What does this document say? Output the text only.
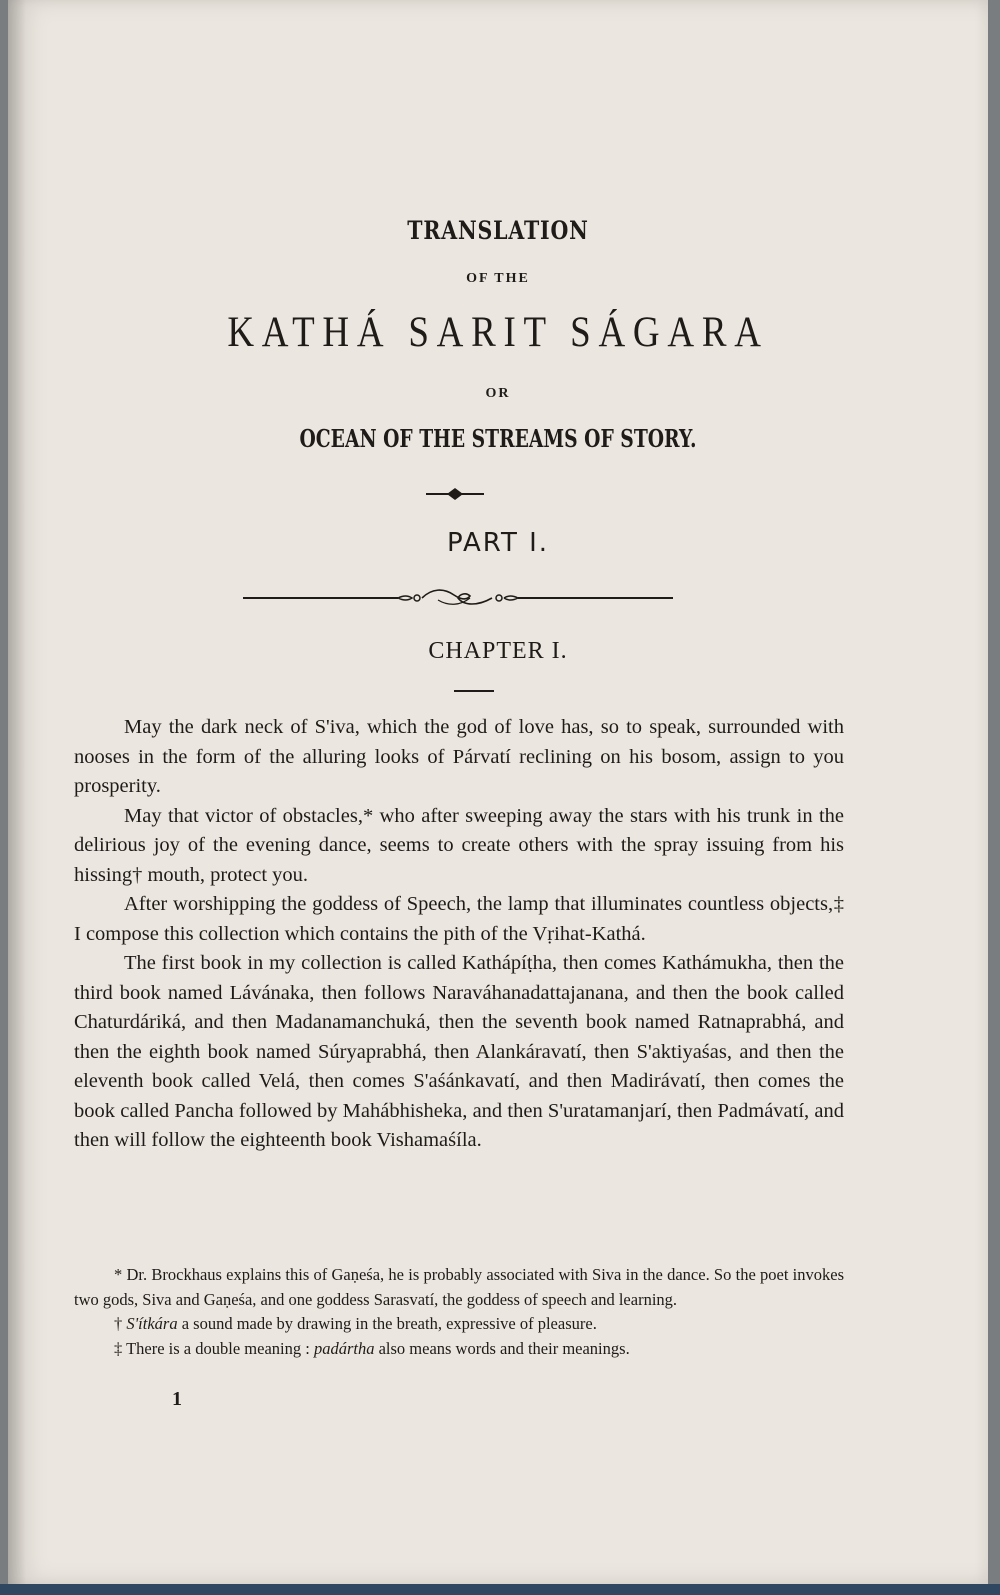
TRANSLATION
OF THE
KATHÁ SARIT SÁGARA
OR
OCEAN OF THE STREAMS OF STORY.
PART I.
CHAPTER I.

May the dark neck of S'iva, which the god of love has, so to speak, surrounded with nooses in the form of the alluring looks of Párvatí reclining on his bosom, assign to you prosperity.

May that victor of obstacles,* who after sweeping away the stars with his trunk in the delirious joy of the evening dance, seems to create others with the spray issuing from his hissing† mouth, protect you.

After worshipping the goddess of Speech, the lamp that illuminates countless objects,‡ I compose this collection which contains the pith of the Vṛihat-Kathá.

The first book in my collection is called Kathápíṭha, then comes Kathámukha, then the third book named Lávánaka, then follows Naraváhanadattajanana, and then the book called Chaturdáriká, and then Madanamanchuká, then the seventh book named Ratnaprabhá, and then the eighth book named Súryaprabhá, then Alankáravatí, then S'aktiyaśas, and then the eleventh book called Velá, then comes S'aśánkavatí, and then Madirávatí, then comes the book called Pancha followed by Mahábhisheka, and then S'uratamanjarí, then Padmávatí, and then will follow the eighteenth book Vishamaśíla.

* Dr. Brockhaus explains this of Gaṇeśa, he is probably associated with Siva in the dance. So the poet invokes two gods, Siva and Gaṇeśa, and one goddess Sarasvatí, the goddess of speech and learning.

† S'ítkára a sound made by drawing in the breath, expressive of pleasure.

‡ There is a double meaning : padártha also means words and their meanings.

1
